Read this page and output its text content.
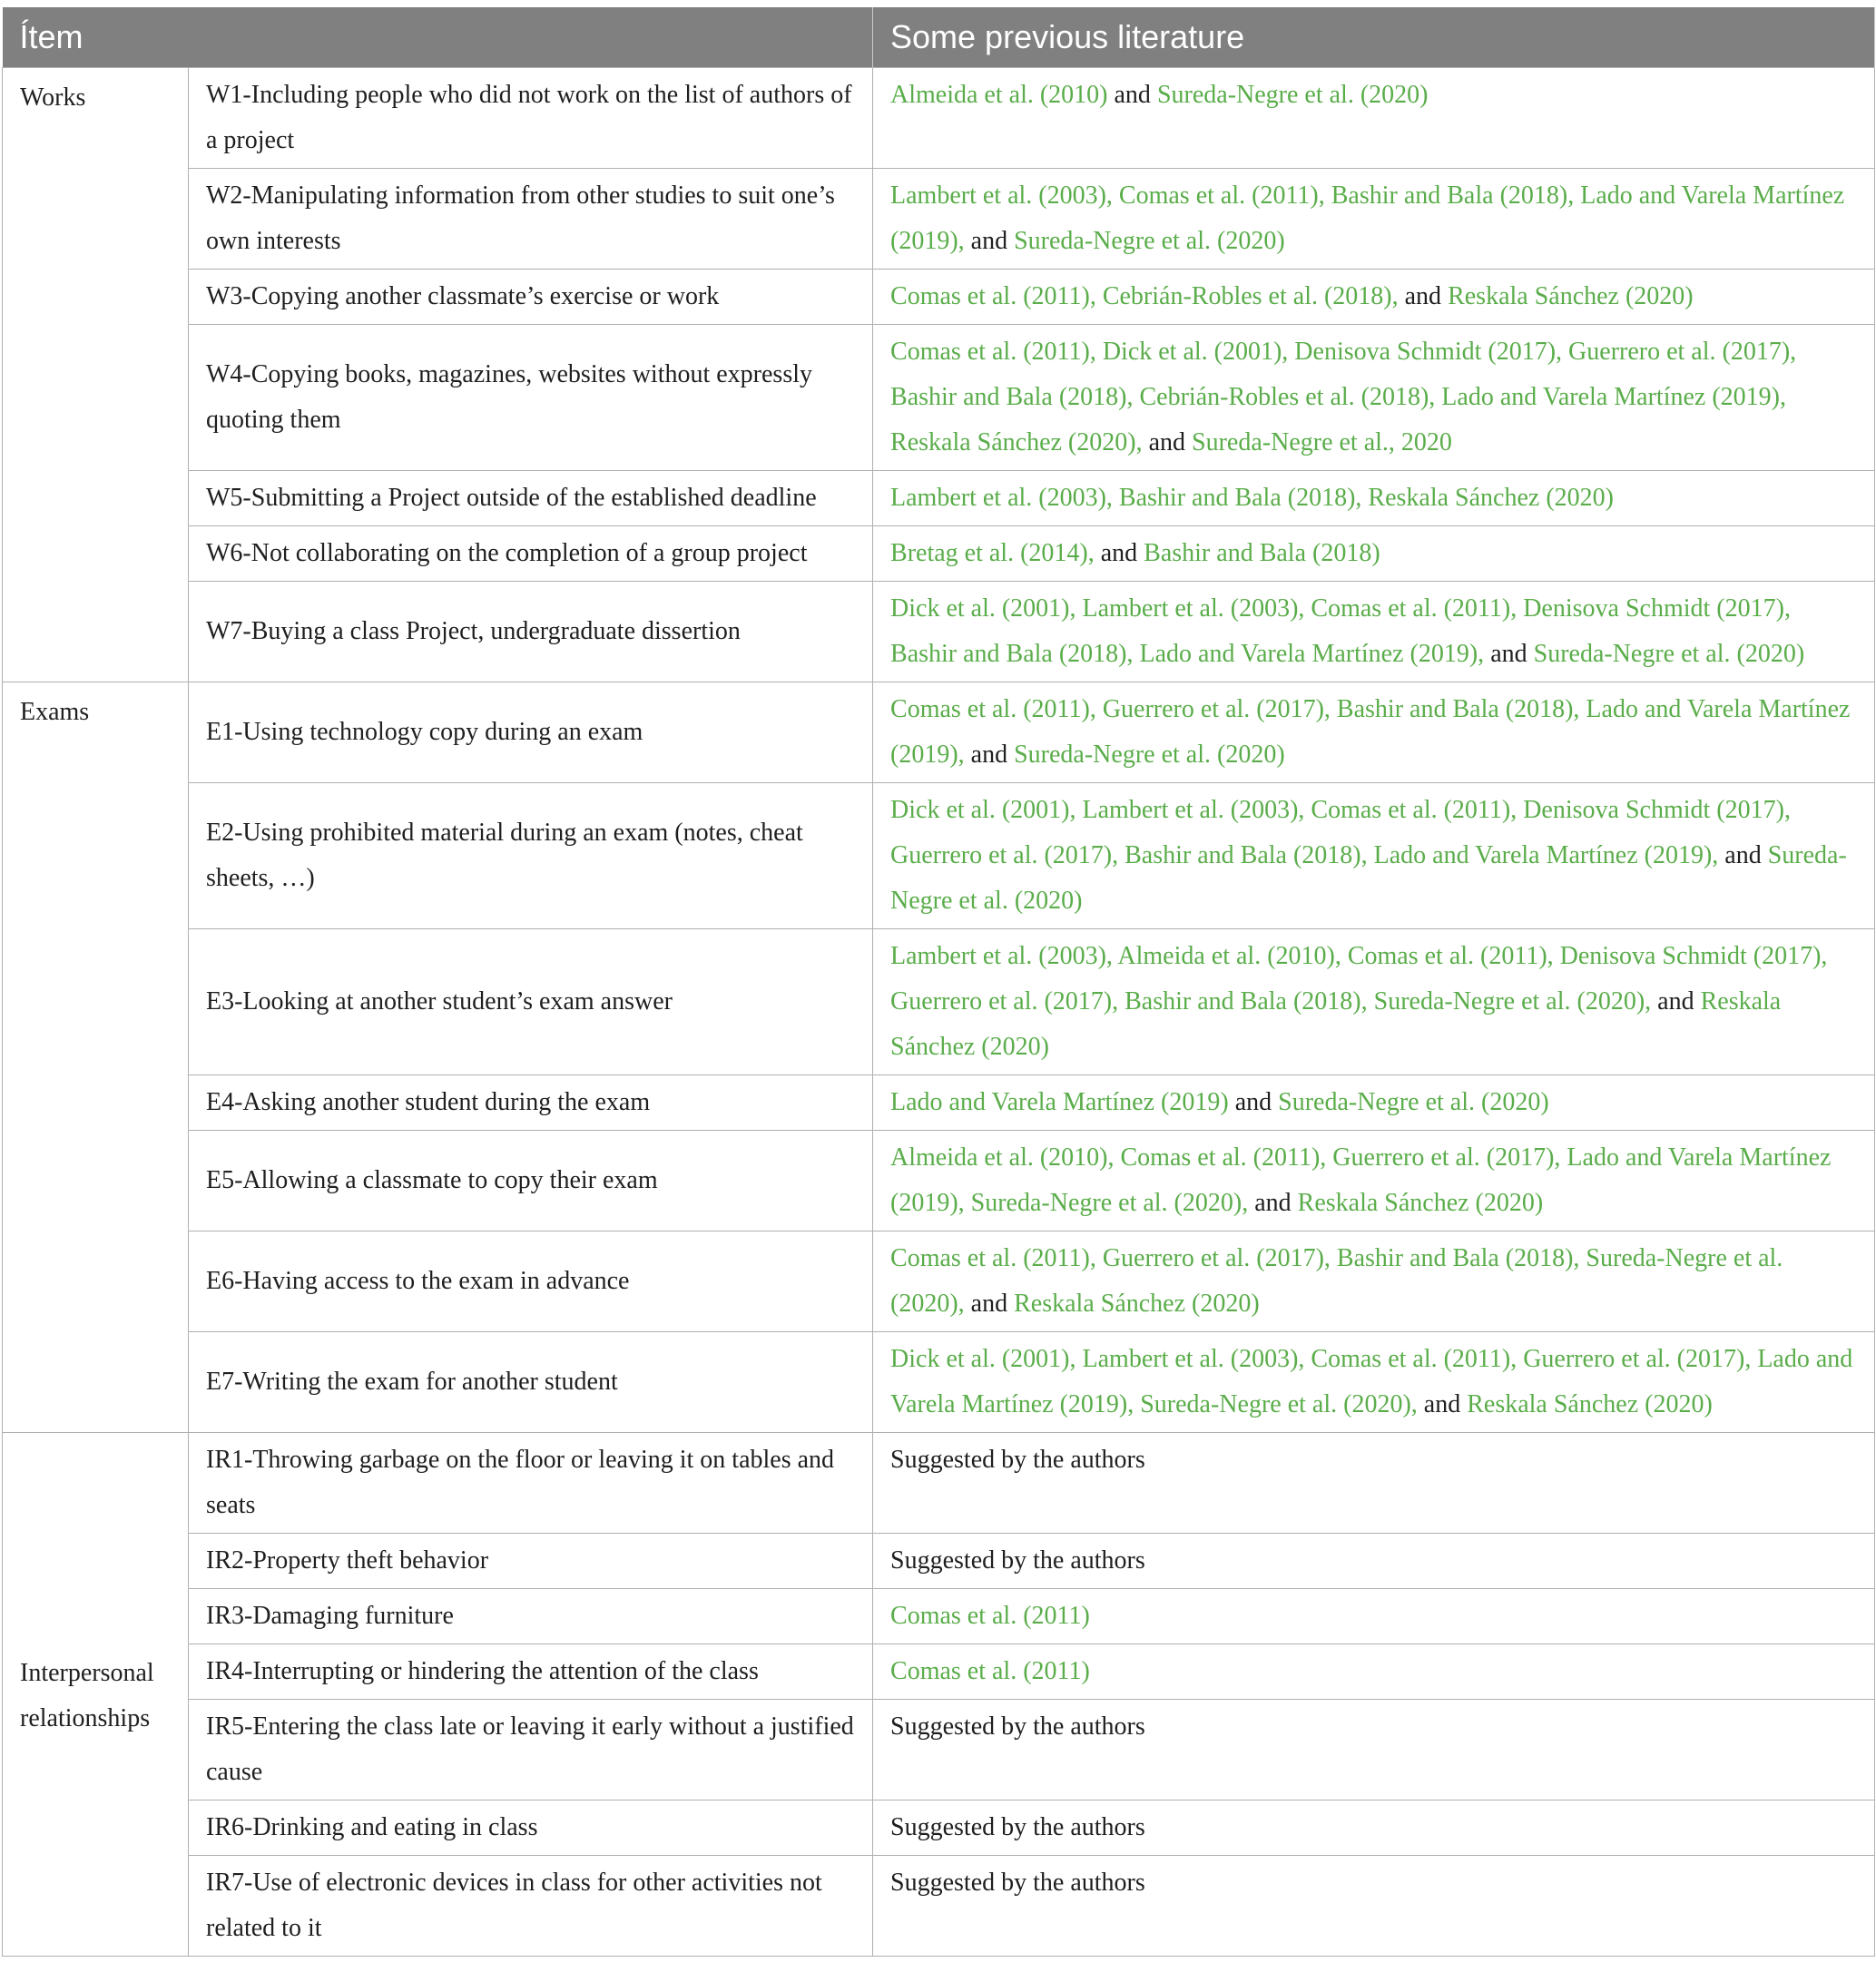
Ítem		Some previous literature
Works	W1-Including people who did not work on the list of authors of a project	Almeida et al. (2010) and Sureda-Negre et al. (2020)
	W2-Manipulating information from other studies to suit one’s own interests	Lambert et al. (2003), Comas et al. (2011), Bashir and Bala (2018), Lado and Varela Martínez (2019), and Sureda-Negre et al. (2020)
	W3-Copying another classmate’s exercise or work	Comas et al. (2011), Cebrián-Robles et al. (2018), and Reskala Sánchez (2020)
	W4-Copying books, magazines, websites without expressly quoting them	Comas et al. (2011), Dick et al. (2001), Denisova Schmidt (2017), Guerrero et al. (2017), Bashir and Bala (2018), Cebrián-Robles et al. (2018), Lado and Varela Martínez (2019), Reskala Sánchez (2020), and Sureda-Negre et al., 2020
	W5-Submitting a Project outside of the established deadline	Lambert et al. (2003), Bashir and Bala (2018), Reskala Sánchez (2020)
	W6-Not collaborating on the completion of a group project	Bretag et al. (2014), and Bashir and Bala (2018)
	W7-Buying a class Project, undergraduate dissertion	Dick et al. (2001), Lambert et al. (2003), Comas et al. (2011), Denisova Schmidt (2017), Bashir and Bala (2018), Lado and Varela Martínez (2019), and Sureda-Negre et al. (2020)
Exams	E1-Using technology copy during an exam	Comas et al. (2011), Guerrero et al. (2017), Bashir and Bala (2018), Lado and Varela Martínez (2019), and Sureda-Negre et al. (2020)
	E2-Using prohibited material during an exam (notes, cheat sheets, …)	Dick et al. (2001), Lambert et al. (2003), Comas et al. (2011), Denisova Schmidt (2017), Guerrero et al. (2017), Bashir and Bala (2018), Lado and Varela Martínez (2019), and Sureda-Negre et al. (2020)
	E3-Looking at another student’s exam answer	Lambert et al. (2003), Almeida et al. (2010), Comas et al. (2011), Denisova Schmidt (2017), Guerrero et al. (2017), Bashir and Bala (2018), Sureda-Negre et al. (2020), and Reskala Sánchez (2020)
	E4-Asking another student during the exam	Lado and Varela Martínez (2019) and Sureda-Negre et al. (2020)
	E5-Allowing a classmate to copy their exam	Almeida et al. (2010), Comas et al. (2011), Guerrero et al. (2017), Lado and Varela Martínez (2019), Sureda-Negre et al. (2020), and Reskala Sánchez (2020)
	E6-Having access to the exam in advance	Comas et al. (2011), Guerrero et al. (2017), Bashir and Bala (2018), Sureda-Negre et al. (2020), and Reskala Sánchez (2020)
	E7-Writing the exam for another student	Dick et al. (2001), Lambert et al. (2003), Comas et al. (2011), Guerrero et al. (2017), Lado and Varela Martínez (2019), Sureda-Negre et al. (2020), and Reskala Sánchez (2020)
Interpersonal relationships	IR1-Throwing garbage on the floor or leaving it on tables and seats	Suggested by the authors
	IR2-Property theft behavior	Suggested by the authors
	IR3-Damaging furniture	Comas et al. (2011)
	IR4-Interrupting or hindering the attention of the class	Comas et al. (2011)
	IR5-Entering the class late or leaving it early without a justified cause	Suggested by the authors
	IR6-Drinking and eating in class	Suggested by the authors
	IR7-Use of electronic devices in class for other activities not related to it	Suggested by the authors
